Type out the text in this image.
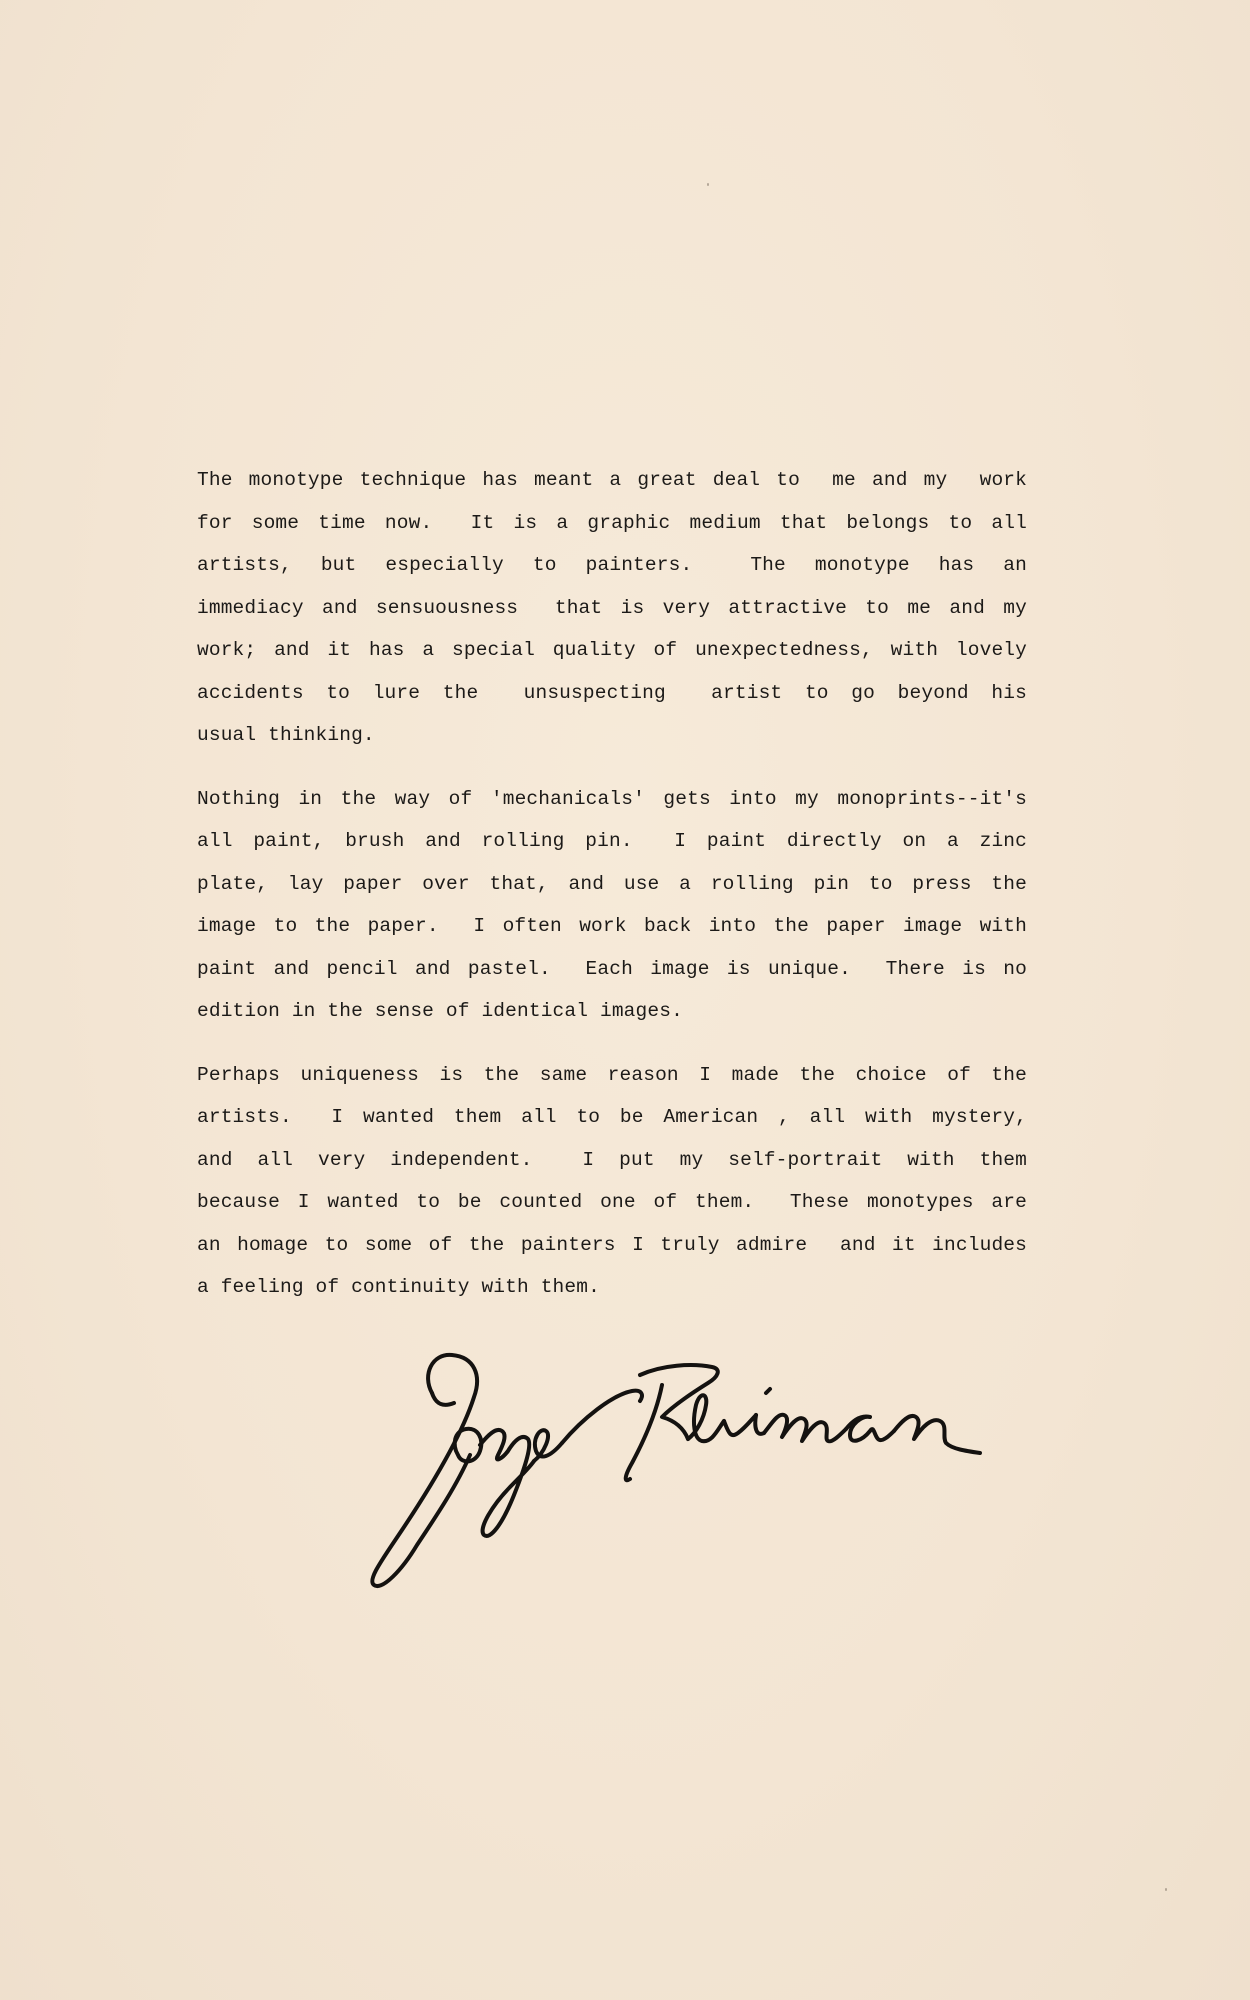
The monotype technique has meant a great deal to  me and my  work
for some time now.  It is a graphic medium that belongs to all
artists, but especially to painters.  The monotype has an
immediacy and sensuousness  that is very attractive to me and my
work; and it has a special quality of unexpectedness, with lovely
accidents to lure the  unsuspecting  artist to go beyond his
usual thinking.
Nothing in the way of 'mechanicals' gets into my monoprints--it's
all paint, brush and rolling pin.  I paint directly on a zinc
plate, lay paper over that, and use a rolling pin to press the
image to the paper.  I often work back into the paper image with
paint and pencil and pastel.  Each image is unique.  There is no
edition in the sense of identical images.
Perhaps uniqueness is the same reason I made the choice of the
artists.  I wanted them all to be American , all with mystery,
and all very independent.  I put my self-portrait with them
because I wanted to be counted one of them.  These monotypes are
an homage to some of the painters I truly admire  and it includes
a feeling of continuity with them.
